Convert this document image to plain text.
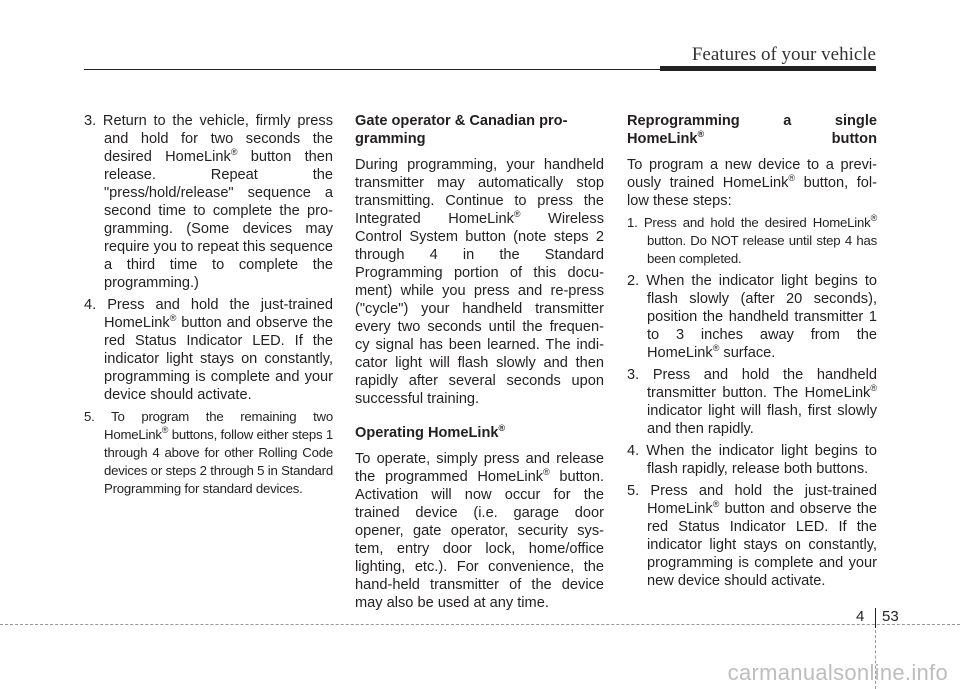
Features of your vehicle

3. Return to the vehicle, firmly press and hold for two seconds the desired HomeLink® button then release. Repeat the "press/hold/release" sequence a second time to complete the pro-gramming. (Some devices may require you to repeat this sequence a third time to complete the programming.)

4. Press and hold the just-trained HomeLink® button and observe the red Status Indicator LED. If the indicator light stays on constantly, programming is complete and your device should activate.

5. To program the remaining two HomeLink® buttons, follow either steps 1 through 4 above for other Rolling Code devices or steps 2 through 5 in Standard Programming for standard devices.

Gate operator & Canadian pro-gramming

During programming, your handheld transmitter may automatically stop transmitting. Continue to press the Integrated HomeLink® Wireless Control System button (note steps 2 through 4 in the Standard Programming portion of this docu-ment) while you press and re-press ("cycle") your handheld transmitter every two seconds until the frequen-cy signal has been learned. The indi-cator light will flash slowly and then rapidly after several seconds upon successful training.

Operating HomeLink®

To operate, simply press and release the programmed HomeLink® button. Activation will now occur for the trained device (i.e. garage door opener, gate operator, security sys-tem, entry door lock, home/office lighting, etc.). For convenience, the hand-held transmitter of the device may also be used at any time.

Reprogramming a single HomeLink® button

To program a new device to a previ-ously trained HomeLink® button, fol-low these steps:

1. Press and hold the desired HomeLink® button. Do NOT release until step 4 has been completed.

2. When the indicator light begins to flash slowly (after 20 seconds), position the handheld transmitter 1 to 3 inches away from the HomeLink® surface.

3. Press and hold the handheld transmitter button. The HomeLink® indicator light will flash, first slowly and then rapidly.

4. When the indicator light begins to flash rapidly, release both buttons.

5. Press and hold the just-trained HomeLink® button and observe the red Status Indicator LED. If the indicator light stays on constantly, programming is complete and your new device should activate.

4 53
carmanualsonline.info
